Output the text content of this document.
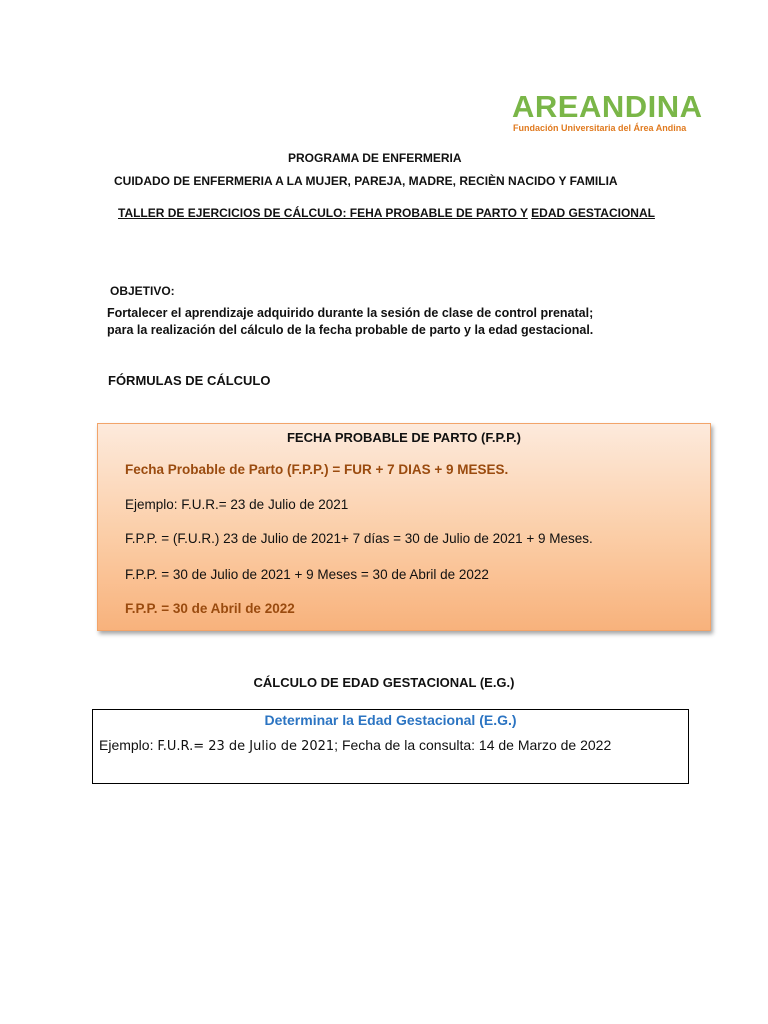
AREANDINA
Fundación Universitaria del Área Andina
PROGRAMA DE ENFERMERIA
CUIDADO DE ENFERMERIA A LA MUJER, PAREJA, MADRE, RECIÈN NACIDO Y FAMILIA
TALLER DE EJERCICIOS DE CÁLCULO: FEHA PROBABLE DE PARTO Y EDAD GESTACIONAL
OBJETIVO:
Fortalecer el aprendizaje adquirido durante la sesión de clase de control prenatal; para la realización del cálculo de la fecha probable de parto y la edad gestacional.
FÓRMULAS DE CÁLCULO
FECHA PROBABLE DE PARTO (F.P.P.)
Fecha Probable de Parto (F.P.P.) = FUR + 7 DIAS + 9 MESES.
Ejemplo: F.U.R.= 23 de Julio de 2021
F.P.P. = (F.U.R.) 23 de Julio de 2021+ 7 días = 30 de Julio de 2021 + 9 Meses.
F.P.P. = 30 de Julio de 2021 + 9 Meses = 30 de Abril de 2022
F.P.P. = 30 de Abril de 2022
CÁLCULO DE EDAD GESTACIONAL (E.G.)
Determinar la Edad Gestacional (E.G.)
Ejemplo: F.U.R.= 23 de Julio de 2021; Fecha de la consulta: 14 de Marzo de 2022
